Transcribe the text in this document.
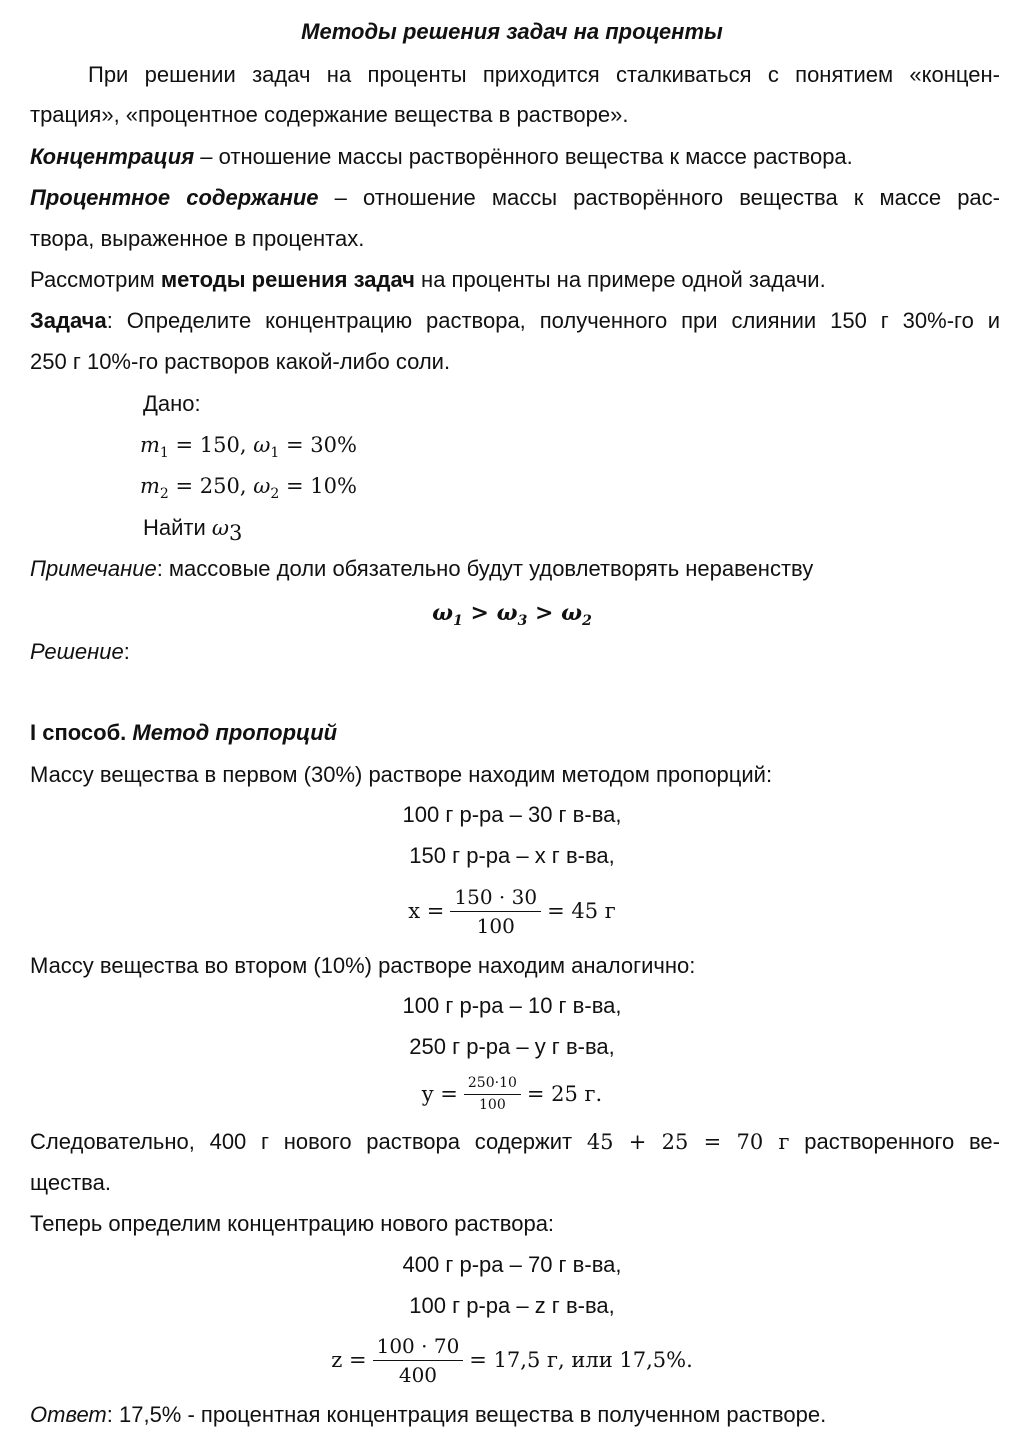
Методы решения задач на проценты
При решении задач на проценты приходится сталкиваться с понятием «концен-
трация», «процентное содержание вещества в растворе».
Концентрация – отношение массы растворённого вещества к массе раствора.
Процентное содержание – отношение массы растворённого вещества к массе рас-
твора, выраженное в процентах.
Рассмотрим методы решения задач на проценты на примере одной задачи.
Задача: Определите концентрацию раствора, полученного при слиянии 150 г 30%-го и
250 г 10%-го растворов какой-либо соли.
Дано:
$m_1 = 150$, $\omega_1 = 30\%$
$m_2 = 250$, $\omega_2 = 10\%$
Найти $\omega_3$
Примечание: массовые доли обязательно будут удовлетворять неравенству
$\omega_1 > \omega_3 > \omega_2$
Решение:
I способ. Метод пропорций
Массу вещества в первом (30%) растворе находим методом пропорций:
100 г р-ра – 30 г в-ва,
150 г р-ра – х г в-ва,
$x = \frac{150 \cdot 30}{100} = 45$ г
Массу вещества во втором (10%) растворе находим аналогично:
100 г р-ра – 10 г в-ва,
250 г р-ра – у г в-ва,
$y = \frac{250\cdot 10}{100} = 25$ г.
Следовательно, 400 г нового раствора содержит 45 + 25 = 70 г растворенного ве-
щества.
Теперь определим концентрацию нового раствора:
400 г р-ра – 70 г в-ва,
100 г р-ра – z г в-ва,
$z = \frac{100 \cdot 70}{400} = 17,5$ г, или 17,5%.
Ответ: 17,5% - процентная концентрация вещества в полученном растворе.
